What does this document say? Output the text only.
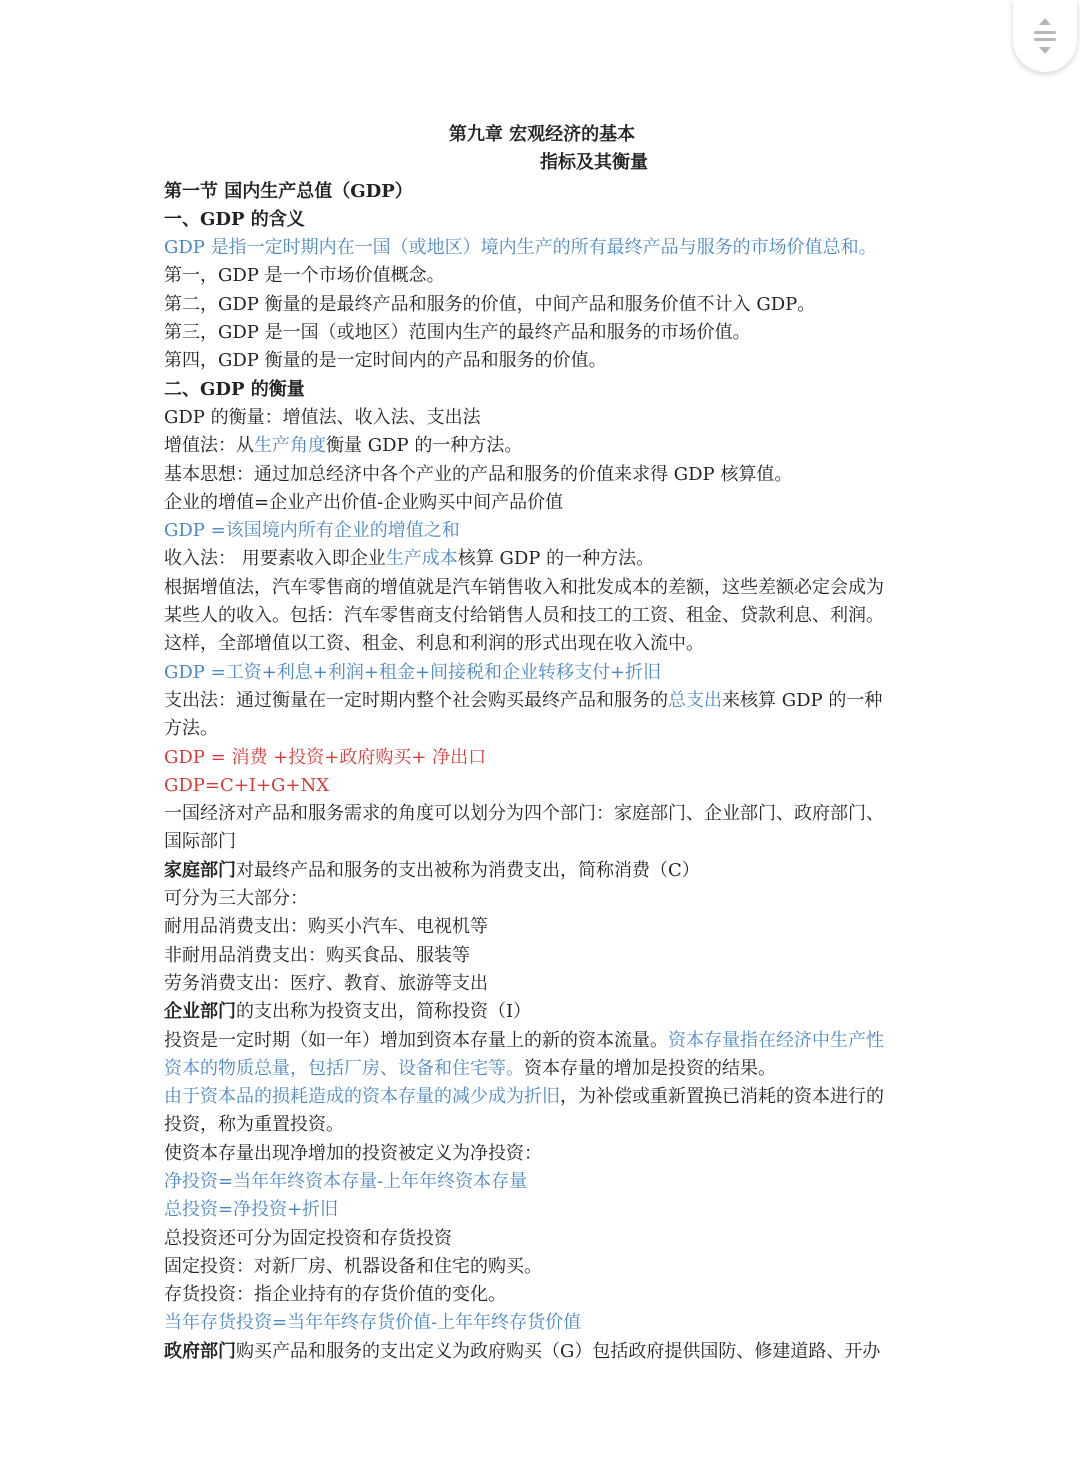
第九章 宏观经济的基本
指标及其衡量
第一节 国内生产总值（GDP）
一、GDP 的含义
GDP 是指一定时期内在一国（或地区）境内生产的所有最终产品与服务的市场价值总和。
第一，GDP 是一个市场价值概念。
第二，GDP 衡量的是最终产品和服务的价值，中间产品和服务价值不计入 GDP。
第三，GDP 是一国（或地区）范围内生产的最终产品和服务的市场价值。
第四，GDP 衡量的是一定时间内的产品和服务的价值。
二、GDP 的衡量
GDP 的衡量：增值法、收入法、支出法
增值法：从生产角度衡量 GDP 的一种方法。
基本思想：通过加总经济中各个产业的产品和服务的价值来求得 GDP 核算值。
企业的增值=企业产出价值-企业购买中间产品价值
GDP =该国境内所有企业的增值之和
收入法： 用要素收入即企业生产成本核算 GDP 的一种方法。
根据增值法，汽车零售商的增值就是汽车销售收入和批发成本的差额，这些差额必定会成为
某些人的收入。包括：汽车零售商支付给销售人员和技工的工资、租金、贷款利息、利润。
这样，全部增值以工资、租金、利息和利润的形式出现在收入流中。
GDP =工资+利息+利润+租金+间接税和企业转移支付+折旧
支出法：通过衡量在一定时期内整个社会购买最终产品和服务的总支出来核算 GDP 的一种
方法。
GDP = 消费 +投资+政府购买+ 净出口
GDP=C+I+G+NX
一国经济对产品和服务需求的角度可以划分为四个部门：家庭部门、企业部门、政府部门、
国际部门
家庭部门对最终产品和服务的支出被称为消费支出，简称消费（C）
可分为三大部分：
耐用品消费支出：购买小汽车、电视机等
非耐用品消费支出：购买食品、服装等
劳务消费支出：医疗、教育、旅游等支出
企业部门的支出称为投资支出，简称投资（I）
投资是一定时期（如一年）增加到资本存量上的新的资本流量。资本存量指在经济中生产性
资本的物质总量，包括厂房、设备和住宅等。资本存量的增加是投资的结果。
由于资本品的损耗造成的资本存量的减少成为折旧，为补偿或重新置换已消耗的资本进行的
投资，称为重置投资。
使资本存量出现净增加的投资被定义为净投资：
净投资=当年年终资本存量-上年年终资本存量
总投资=净投资+折旧
总投资还可分为固定投资和存货投资
固定投资：对新厂房、机器设备和住宅的购买。
存货投资：指企业持有的存货价值的变化。
当年存货投资=当年年终存货价值-上年年终存货价值
政府部门购买产品和服务的支出定义为政府购买（G）包括政府提供国防、修建道路、开办
